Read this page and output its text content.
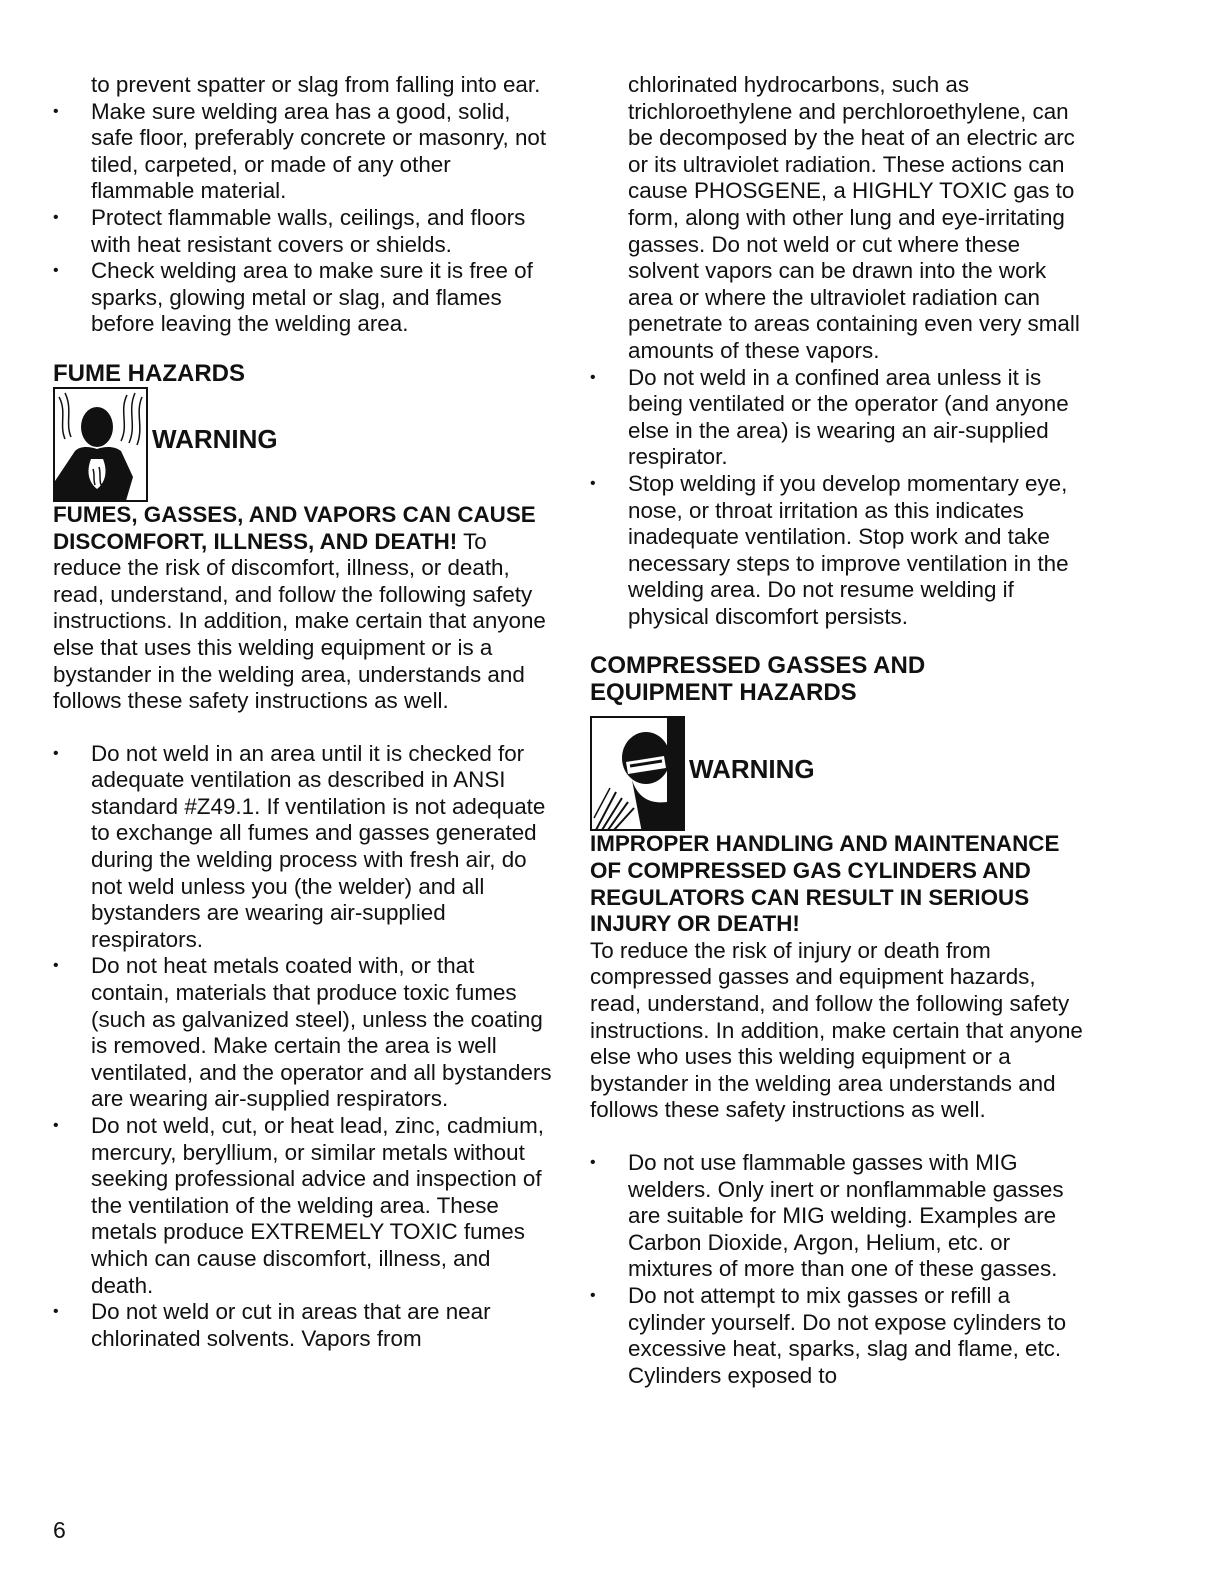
to prevent spatter or slag from falling into ear.

• Make sure welding area has a good, solid, safe floor, preferably concrete or masonry, not tiled, carpeted, or made of any other flammable material.
• Protect flammable walls, ceilings, and floors with heat resistant covers or shields.
• Check welding area to make sure it is free of sparks, glowing metal or slag, and flames before leaving the welding area.
FUME HAZARDS
WARNING

FUMES, GASSES, AND VAPORS CAN CAUSE DISCOMFORT, ILLNESS, AND DEATH! To reduce the risk of discomfort, illness, or death, read, understand, and follow the following safety instructions. In addition, make certain that anyone else that uses this welding equipment or is a bystander in the welding area, understands and follows these safety instructions as well.

• Do not weld in an area until it is checked for adequate ventilation as described in ANSI standard #Z49.1. If ventilation is not adequate to exchange all fumes and gasses generated during the welding process with fresh air, do not weld unless you (the welder) and all bystanders are wearing air-supplied respirators.
• Do not heat metals coated with, or that contain, materials that produce toxic fumes (such as galvanized steel), unless the coating is removed. Make certain the area is well ventilated, and the operator and all bystanders are wearing air-supplied respirators.
• Do not weld, cut, or heat lead, zinc, cadmium, mercury, beryllium, or similar metals without seeking professional advice and inspection of the ventilation of the welding area. These metals produce EXTREMELY TOXIC fumes which can cause discomfort, illness, and death.
• Do not weld or cut in areas that are near chlorinated solvents. Vapors from

chlorinated hydrocarbons, such as trichloroethylene and perchloroethylene, can be decomposed by the heat of an electric arc or its ultraviolet radiation. These actions can cause PHOSGENE, a HIGHLY TOXIC gas to form, along with other lung and eye-irritating gasses. Do not weld or cut where these solvent vapors can be drawn into the work area or where the ultraviolet radiation can penetrate to areas containing even very small amounts of these vapors.

• Do not weld in a confined area unless it is being ventilated or the operator (and anyone else in the area) is wearing an air-supplied respirator.
• Stop welding if you develop momentary eye, nose, or throat irritation as this indicates inadequate ventilation. Stop work and take necessary steps to improve ventilation in the welding area. Do not resume welding if physical discomfort persists.
COMPRESSED GASSES AND
EQUIPMENT HAZARDS
WARNING

IMPROPER HANDLING AND MAINTENANCE OF COMPRESSED GAS CYLINDERS AND REGULATORS CAN RESULT IN SERIOUS INJURY OR DEATH!
To reduce the risk of injury or death from compressed gasses and equipment hazards, read, understand, and follow the following safety instructions. In addition, make certain that anyone else who uses this welding equipment or a bystander in the welding area understands and follows these safety instructions as well.

• Do not use flammable gasses with MIG welders. Only inert or nonflammable gasses are suitable for MIG welding. Examples are Carbon Dioxide, Argon, Helium, etc. or mixtures of more than one of these gasses.
• Do not attempt to mix gasses or refill a cylinder yourself. Do not expose cylinders to excessive heat, sparks, slag and flame, etc. Cylinders exposed to
6
